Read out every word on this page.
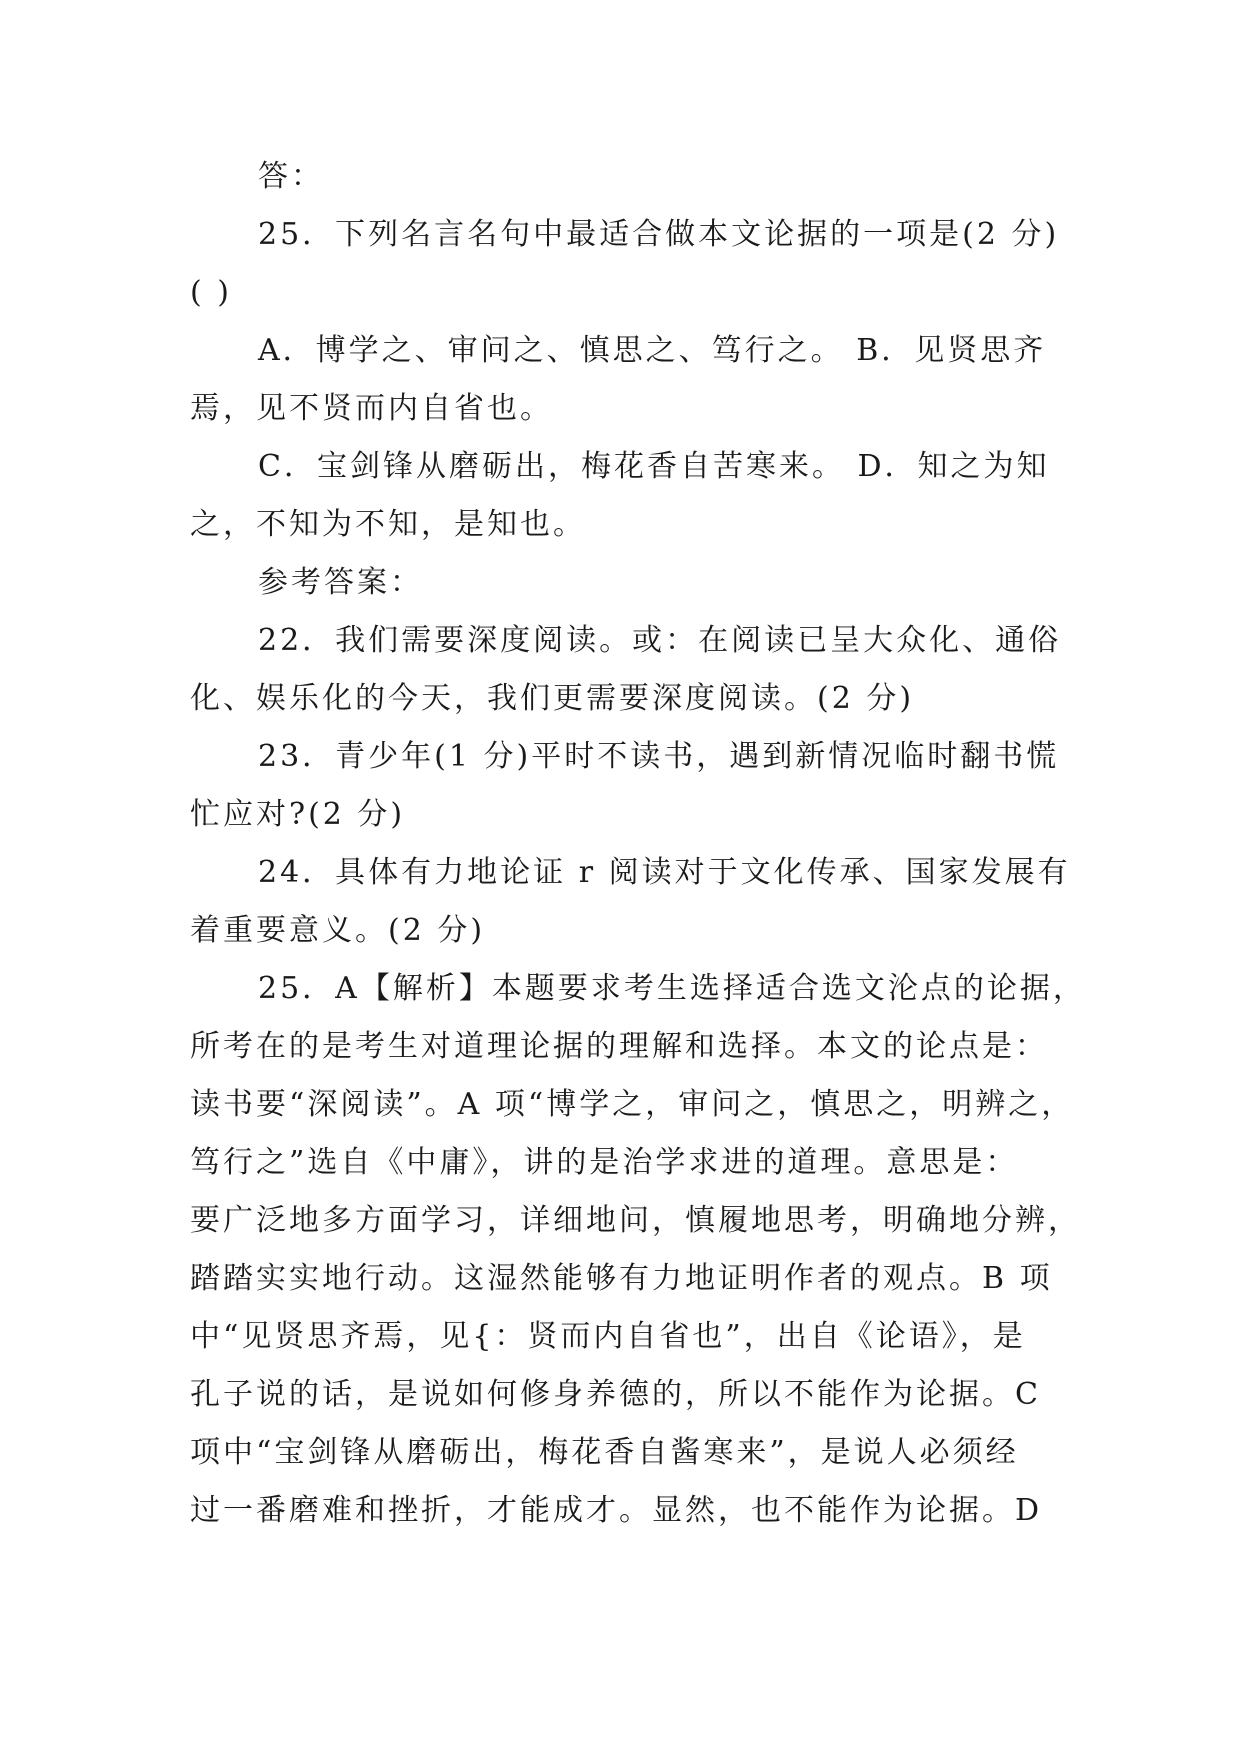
答：
25．下列名言名句中最适合做本文论据的一项是(2 分)
( )
A．博学之、审问之、慎思之、笃行之。 B．见贤思齐
焉，见不贤而内自省也。
C．宝剑锋从磨砺出，梅花香自苦寒来。 D．知之为知
之，不知为不知，是知也。
参考答案：
22．我们需要深度阅读。或：在阅读已呈大众化、通俗
化、娱乐化的今天，我们更需要深度阅读。(2 分)
23．青少年(1 分)平时不读书，遇到新情况临时翻书慌
忙应对?(2 分)
24．具体有力地论证 r 阅读对于文化传承、国家发展有
着重要意义。(2 分)
25．A【解析】本题要求考生选择适合选文沦点的论据，
所考在的是考生对道理论据的理解和选择。本文的论点是：
读书要“深阅读”。A 项“博学之，审问之，慎思之，明辨之，
笃行之”选自《中庸》，讲的是治学求进的道理。意思是：
要广泛地多方面学习，详细地问，慎履地思考，明确地分辨，
踏踏实实地行动。这湿然能够有力地证明作者的观点。B 项
中“见贤思齐焉，见{：贤而内自省也”，出自《论语》，是
孔子说的话，是说如何修身养德的，所以不能作为论据。C
项中“宝剑锋从磨砺出，梅花香自酱寒来”，是说人必须经
过一番磨难和挫折，才能成才。显然，也不能作为论据。D
